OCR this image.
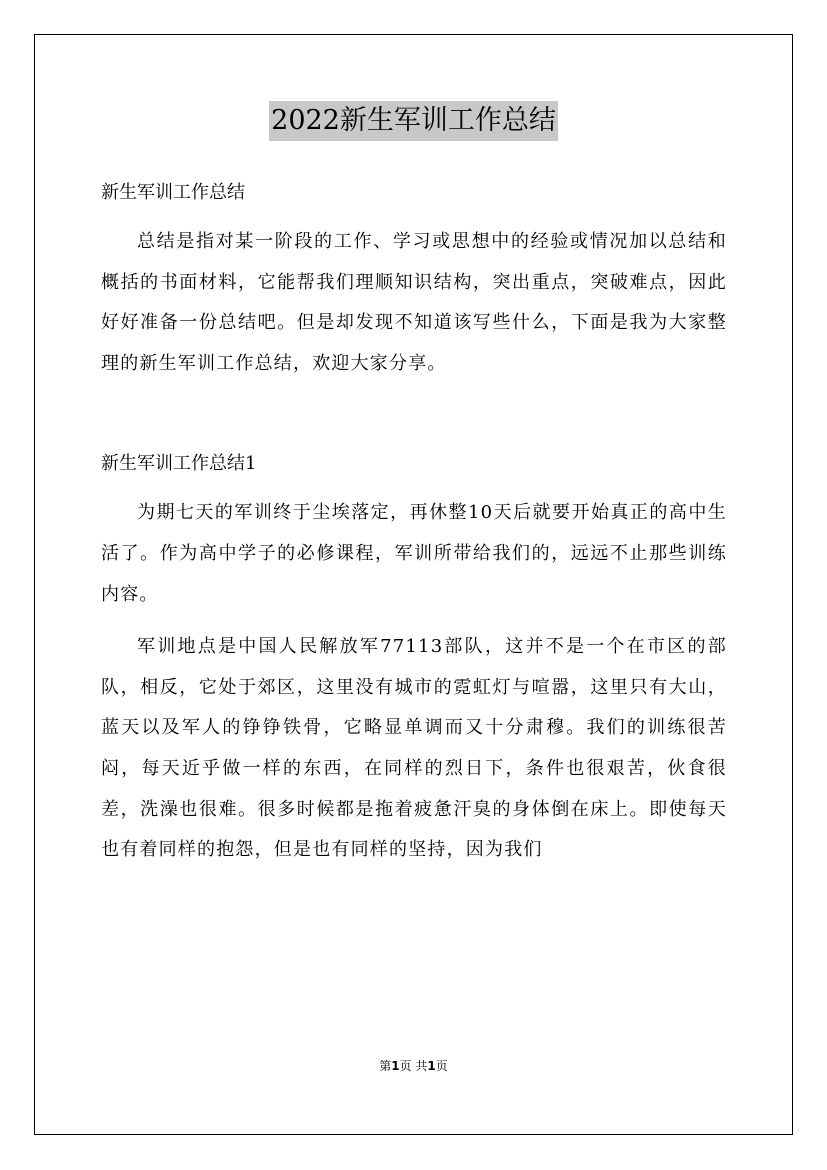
2022新生军训工作总结

新生军训工作总结

总结是指对某一阶段的工作、学习或思想中的经验或情况加以总结和概括的书面材料，它能帮我们理顺知识结构，突出重点，突破难点，因此好好准备一份总结吧。但是却发现不知道该写些什么，下面是我为大家整理的新生军训工作总结，欢迎大家分享。

新生军训工作总结1

为期七天的军训终于尘埃落定，再休整10天后就要开始真正的高中生活了。作为高中学子的必修课程，军训所带给我们的，远远不止那些训练内容。

军训地点是中国人民解放军77113部队，这并不是一个在市区的部队，相反，它处于郊区，这里没有城市的霓虹灯与喧嚣，这里只有大山，蓝天以及军人的铮铮铁骨，它略显单调而又十分肃穆。我们的训练很苦闷，每天近乎做一样的东西，在同样的烈日下，条件也很艰苦，伙食很差，洗澡也很难。很多时候都是拖着疲惫汗臭的身体倒在床上。即使每天也有着同样的抱怨，但是也有同样的坚持，因为我们

第1页 共1页
